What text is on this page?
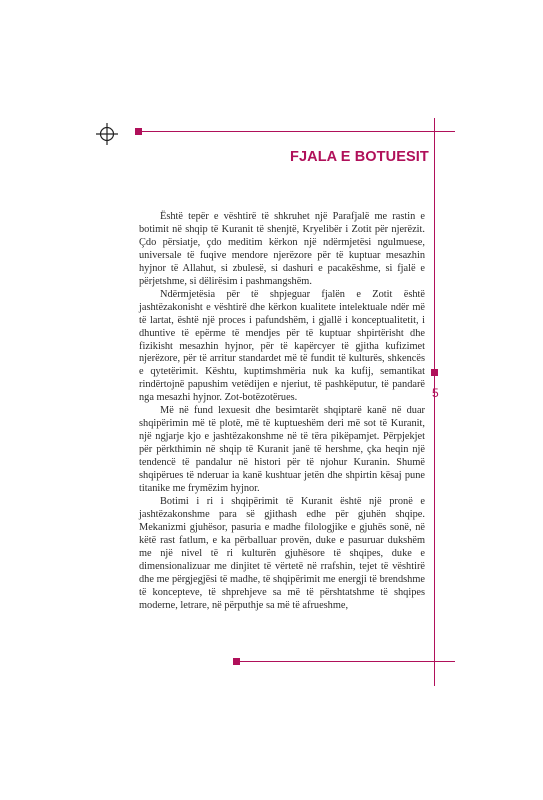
FJALA E BOTUESIT
5

Është tepër e vështirë të shkruhet një Parafjalë me rastin e botimit në shqip të Kuranit të shenjtë, Kryelibër i Zotit për njerëzit. Çdo përsiatje, çdo meditim kërkon një ndërmjetësi ngulmuese, universale të fuqive mendore njerëzore për të kuptuar mesazhin hyjnor të Allahut, si zbulesë, si dashuri e pacakëshme, si fjalë e përjetshme, si dëlirësim i pashmangshëm.

Ndërmjetësia për të shpjeguar fjalën e Zotit është jashtëzakonisht e vështirë dhe kërkon kualitete intelektuale ndër më të lartat, është një proces i pafundshëm, i gjallë i konceptualitetit, i dhuntive të epërme të mendjes për të kuptuar shpirtërisht dhe fizikisht mesazhin hyjnor, për të kapërcyer të gjitha kufizimet njerëzore, për të arritur standardet më të fundit të kulturës, shkencës e qytetërimit. Kështu, kuptimshmëria nuk ka kufij, semantikat rindërtojnë papushim vetëdijen e njeriut, të pashkëputur, të pandarë nga mesazhi hyjnor. Zot-botëzotërues.

Më në fund lexuesit dhe besimtarët shqiptarë kanë në duar shqipërimin më të plotë, më të kuptueshëm deri më sot të Kuranit, një ngjarje kjo e jashtëzakonshme në të tëra pikëpamjet. Përpjekjet për përkthimin në shqip të Kuranit janë të hershme, çka heqin një tendencë të pandalur në histori për të njohur Kuranin. Shumë shqipërues të nderuar ia kanë kushtuar jetën dhe shpirtin kësaj pune titanike me frymëzim hyjnor.

Botimi i ri i shqipërimit të Kuranit është një pronë e jashtëzakonshme para së gjithash edhe për gjuhën shqipe. Mekanizmi gjuhësor, pasuria e madhe filologjike e gjuhës sonë, në këtë rast fatlum, e ka përballuar provën, duke e pasuruar dukshëm me një nivel të ri kulturën gjuhësore të shqipes, duke e dimensionalizuar me dinjitet të vërtetë në rrafshin, tejet të vështirë dhe me përgjegjësi të madhe, të shqipërimit me energji të brendshme të koncepteve, të shprehjeve sa më të përshtatshme të shqipes moderne, letrare, në përputhje sa më të afrueshme,
